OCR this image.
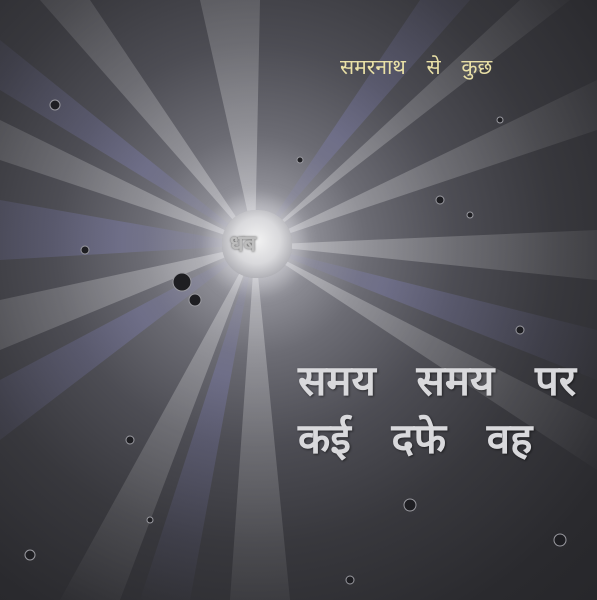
धब
समरनाथ से कुछ
समय समय पर कई दफे वह
